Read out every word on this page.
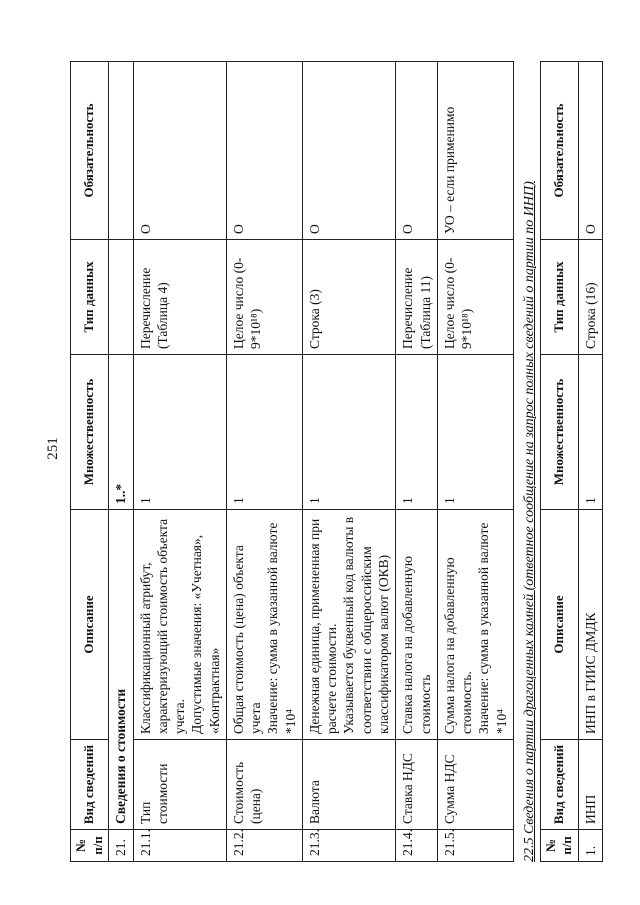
251
№ п/п	Вид сведений	Описание	Множественность	Тип данных	Обязательность
21.	Сведения о стоимости		1..*		
21.1.	Тип стоимости	Классификационный атрибут, характеризующий стоимость объекта учета. Допустимые значения: «Учетная», «Контрактная»	1	Перечисление (Таблица 4)	О
21.2.	Стоимость (цена)	Общая стоимость (цена) объекта учета Значение: сумма в указанной валюте *10⁴	1	Целое число (0-9*10¹⁸)	О
21.3.	Валюта	Денежная единица, примененная при расчете стоимости. Указывается буквенный код валюты в соответствии с общероссийским классификатором валют (ОКВ)	1	Строка (3)	О
21.4.	Ставка НДС	Ставка налога на добавленную стоимость	1	Перечисление (Таблица 11)	О
21.5.	Сумма НДС	Сумма налога на добавленную стоимость. Значение: сумма в указанной валюте *10⁴	1	Целое число (0-9*10¹⁸)	УО – если применимо
22.5 Сведения о партии драгоценных камней (ответное сообщение на запрос полных сведений о партии по ИНП) № п/п	Вид сведений	Описание	Множественность	Тип данных	Обязательность
1.	ИНП	ИНП в ГИИС ДМДК	1	Строка (16)	О
